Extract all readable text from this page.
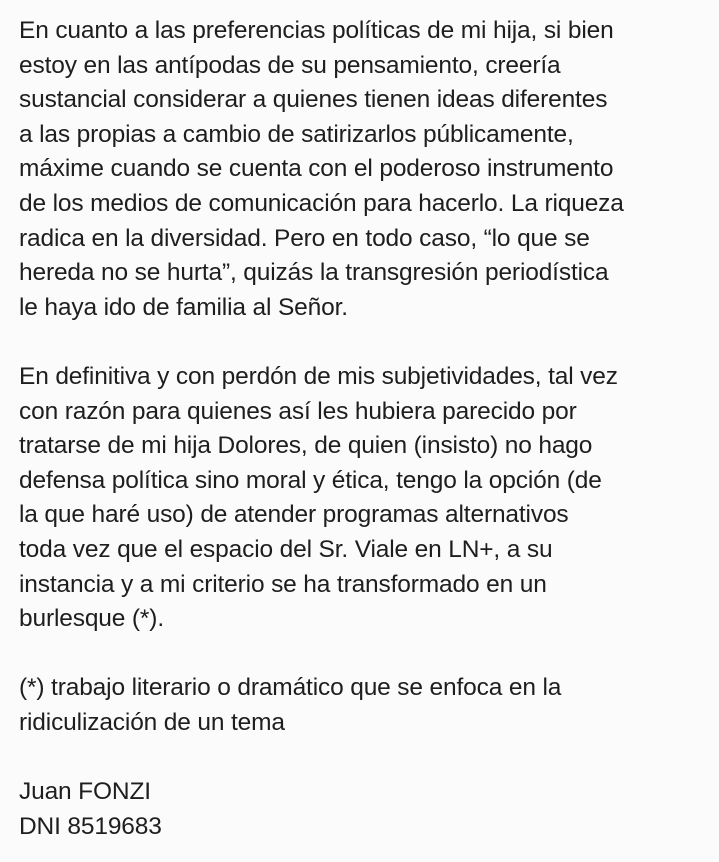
En cuanto a las preferencias políticas de mi hija, si bien

estoy en las antípodas de su pensamiento, creería

sustancial considerar a quienes tienen ideas diferentes

a las propias a cambio de satirizarlos públicamente,

máxime cuando se cuenta con el poderoso instrumento

de los medios de comunicación para hacerlo. La riqueza

radica en la diversidad. Pero en todo caso, “lo que se

hereda no se hurta”, quizás la transgresión periodística

le haya ido de familia al Señor.

En definitiva y con perdón de mis subjetividades, tal vez

con razón para quienes así les hubiera parecido por

tratarse de mi hija Dolores, de quien (insisto) no hago

defensa política sino moral y ética, tengo la opción (de

la que haré uso) de atender programas alternativos

toda vez que el espacio del Sr. Viale en LN+, a su

instancia y a mi criterio se ha transformado en un

burlesque (*).

(*) trabajo literario o dramático que se enfoca en la

ridiculización de un tema

Juan FONZI

DNI 8519683
